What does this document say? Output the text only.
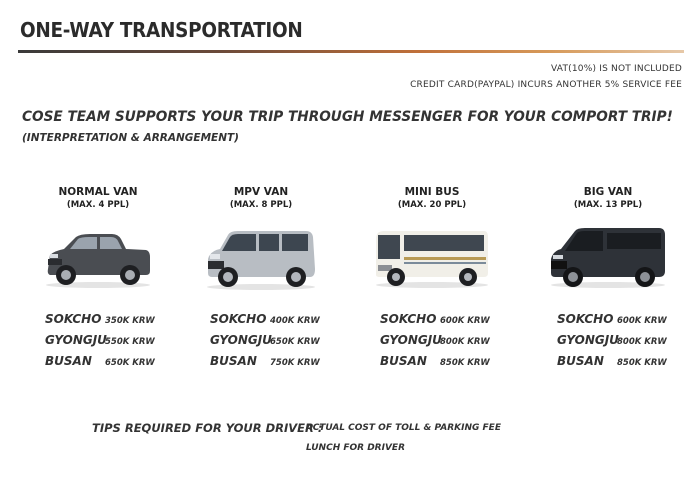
ONE-WAY TRANSPORTATION
VAT(10%) IS NOT INCLUDED
CREDIT CARD(PAYPAL) INCURS ANOTHER 5% SERVICE FEE
COSE TEAM SUPPORTS YOUR TRIP THROUGH MESSENGER FOR YOUR COMPORT TRIP!
(INTERPRETATION & ARRANGEMENT)
NORMAL VAN
(MAX. 4 PPL)
MPV VAN
(MAX. 8 PPL)
MINI BUS
(MAX. 20 PPL)
BIG VAN
(MAX. 13 PPL)
SOKCHO 350K KRW
GYONGJU550K KRW
BUSAN 650K KRW
SOKCHO 400K KRW
GYONGJU650K KRW
BUSAN 750K KRW
SOKCHO 600K KRW
GYONGJU800K KRW
BUSAN 850K KRW
SOKCHO 600K KRW
GYONGJU800K KRW
BUSAN 850K KRW
TIPS REQUIRED FOR YOUR DRIVER :
ACTUAL COST OF TOLL & PARKING FEE
LUNCH FOR DRIVER
